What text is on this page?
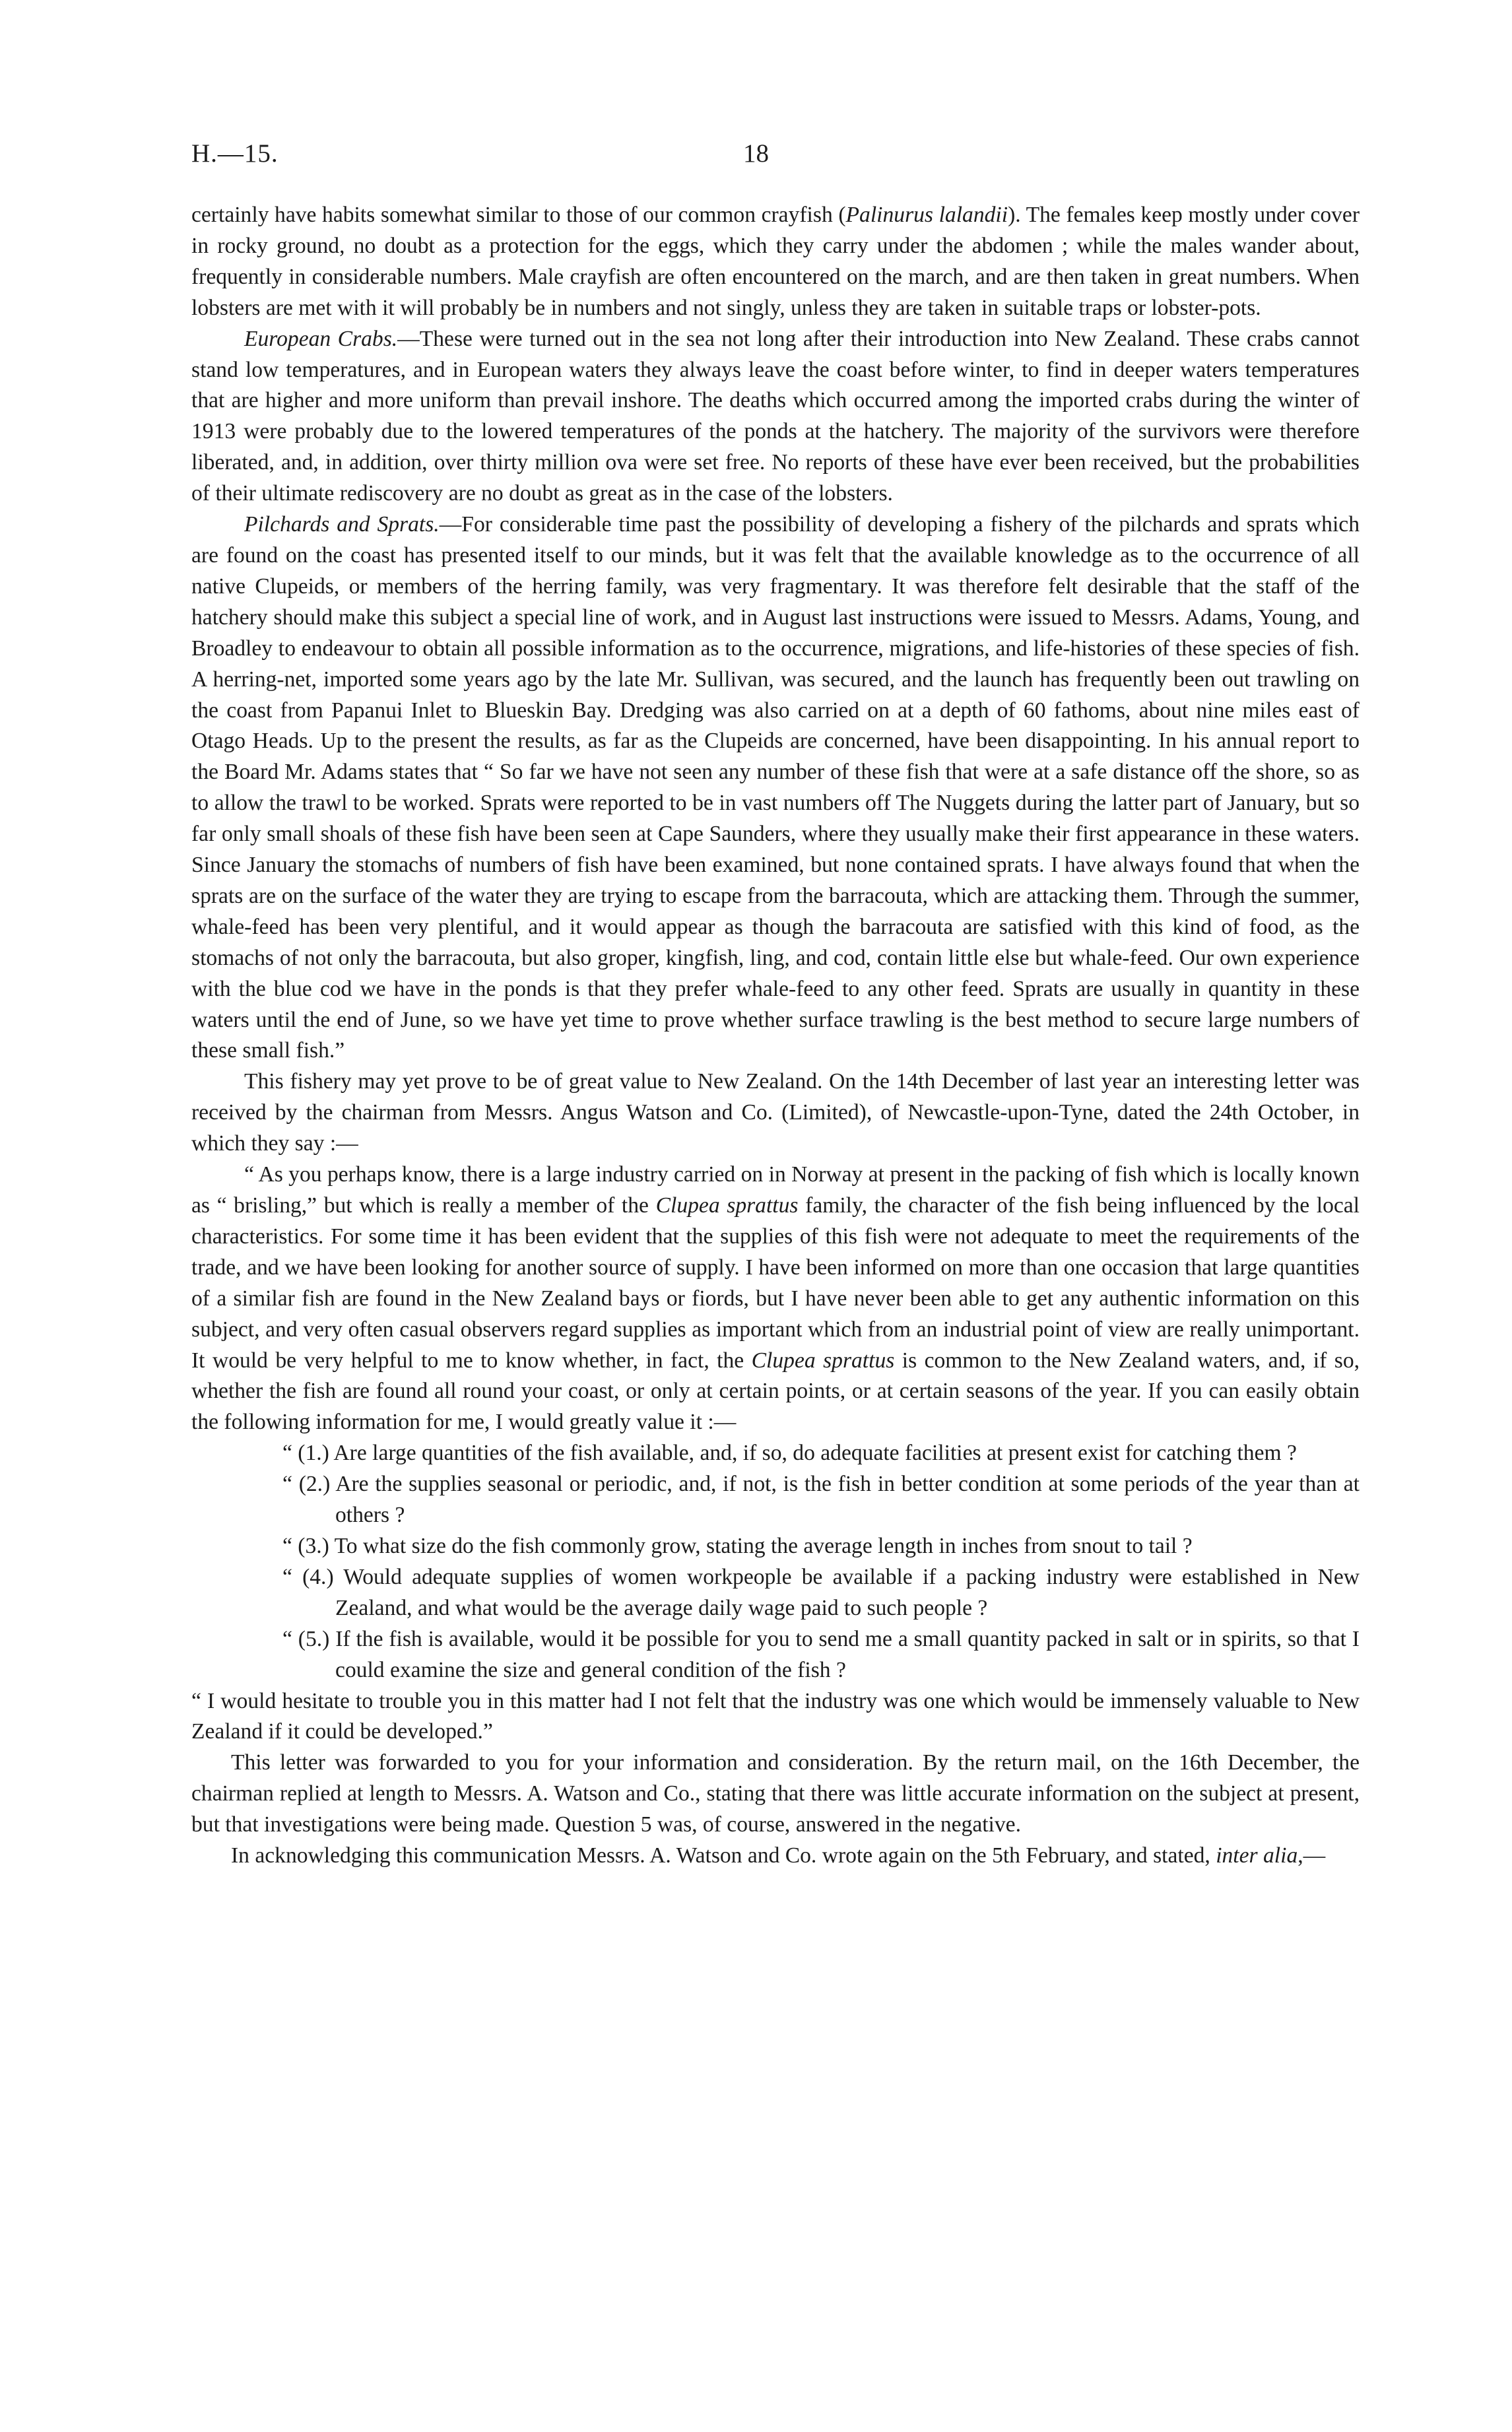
H.—15.	18

certainly have habits somewhat similar to those of our common crayfish (Palinurus lalandii). The females keep mostly under cover in rocky ground, no doubt as a protection for the eggs, which they carry under the abdomen ; while the males wander about, frequently in considerable numbers. Male crayfish are often encountered on the march, and are then taken in great numbers. When lobsters are met with it will probably be in numbers and not singly, unless they are taken in suitable traps or lobster-pots.

European Crabs.—These were turned out in the sea not long after their introduction into New Zealand. These crabs cannot stand low temperatures, and in European waters they always leave the coast before winter, to find in deeper waters temperatures that are higher and more uniform than prevail inshore. The deaths which occurred among the imported crabs during the winter of 1913 were probably due to the lowered temperatures of the ponds at the hatchery. The majority of the survivors were therefore liberated, and, in addition, over thirty million ova were set free. No reports of these have ever been received, but the probabilities of their ultimate rediscovery are no doubt as great as in the case of the lobsters.

Pilchards and Sprats.—For considerable time past the possibility of developing a fishery of the pilchards and sprats which are found on the coast has presented itself to our minds, but it was felt that the available knowledge as to the occurrence of all native Clupeids, or members of the herring family, was very fragmentary. It was therefore felt desirable that the staff of the hatchery should make this subject a special line of work, and in August last instructions were issued to Messrs. Adams, Young, and Broadley to endeavour to obtain all possible information as to the occurrence, migrations, and life-histories of these species of fish. A herring-net, imported some years ago by the late Mr. Sullivan, was secured, and the launch has frequently been out trawling on the coast from Papanui Inlet to Blueskin Bay. Dredging was also carried on at a depth of 60 fathoms, about nine miles east of Otago Heads. Up to the present the results, as far as the Clupeids are concerned, have been disappointing. In his annual report to the Board Mr. Adams states that “ So far we have not seen any number of these fish that were at a safe distance off the shore, so as to allow the trawl to be worked. Sprats were reported to be in vast numbers off The Nuggets during the latter part of January, but so far only small shoals of these fish have been seen at Cape Saunders, where they usually make their first appearance in these waters. Since January the stomachs of numbers of fish have been examined, but none contained sprats. I have always found that when the sprats are on the surface of the water they are trying to escape from the barracouta, which are attacking them. Through the summer, whale-feed has been very plentiful, and it would appear as though the barracouta are satisfied with this kind of food, as the stomachs of not only the barracouta, but also groper, kingfish, ling, and cod, contain little else but whale-feed. Our own experience with the blue cod we have in the ponds is that they prefer whale-feed to any other feed. Sprats are usually in quantity in these waters until the end of June, so we have yet time to prove whether surface trawling is the best method to secure large numbers of these small fish.”

This fishery may yet prove to be of great value to New Zealand. On the 14th December of last year an interesting letter was received by the chairman from Messrs. Angus Watson and Co. (Limited), of Newcastle-upon-Tyne, dated the 24th October, in which they say :—

“ As you perhaps know, there is a large industry carried on in Norway at present in the packing of fish which is locally known as “ brisling,” but which is really a member of the Clupea sprattus family, the character of the fish being influenced by the local characteristics. For some time it has been evident that the supplies of this fish were not adequate to meet the requirements of the trade, and we have been looking for another source of supply. I have been informed on more than one occasion that large quantities of a similar fish are found in the New Zealand bays or fiords, but I have never been able to get any authentic information on this subject, and very often casual observers regard supplies as important which from an industrial point of view are really unimportant. It would be very helpful to me to know whether, in fact, the Clupea sprattus is common to the New Zealand waters, and, if so, whether the fish are found all round your coast, or only at certain points, or at certain seasons of the year. If you can easily obtain the following information for me, I would greatly value it :—

“ (1.) Are large quantities of the fish available, and, if so, do adequate facilities at present exist for catching them ?

“ (2.) Are the supplies seasonal or periodic, and, if not, is the fish in better condition at some periods of the year than at others ?

“ (3.) To what size do the fish commonly grow, stating the average length in inches from snout to tail ?

“ (4.) Would adequate supplies of women workpeople be available if a packing industry were established in New Zealand, and what would be the average daily wage paid to such people ?

“ (5.) If the fish is available, would it be possible for you to send me a small quantity packed in salt or in spirits, so that I could examine the size and general condition of the fish ?

“ I would hesitate to trouble you in this matter had I not felt that the industry was one which would be immensely valuable to New Zealand if it could be developed.”

This letter was forwarded to you for your information and consideration. By the return mail, on the 16th December, the chairman replied at length to Messrs. A. Watson and Co., stating that there was little accurate information on the subject at present, but that investigations were being made. Question 5 was, of course, answered in the negative.

In acknowledging this communication Messrs. A. Watson and Co. wrote again on the 5th February, and stated, inter alia,—
